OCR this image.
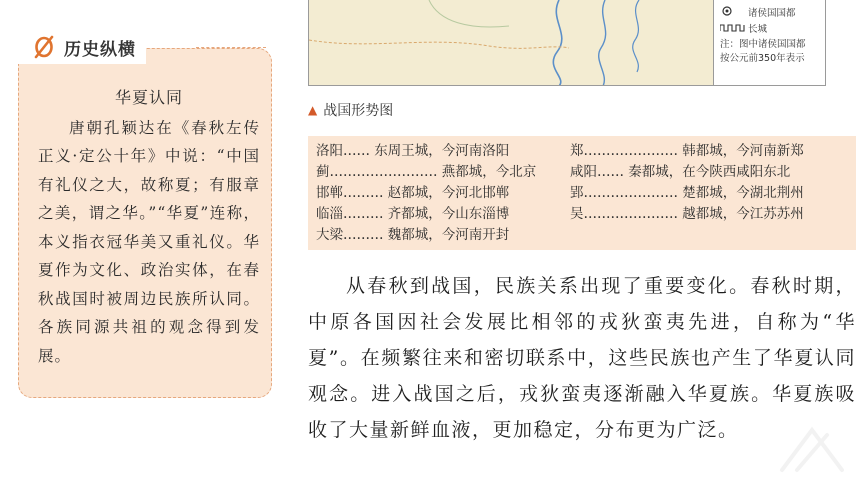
历史纵横
华夏认同
唐朝孔颖达在《春秋左传正义·定公十年》中说：“中国有礼仪之大，故称夏；有服章之美，谓之华。”“华夏”连称，本义指衣冠华美又重礼仪。华夏作为文化、政治实体，在春秋战国时被周边民族所认同。各族同源共祖的观念得到发展。
诸侯国国都
长城
注：图中诸侯国国都
按公元前350年表示
▲ 战国形势图
洛阳…… 东周王城，今河南洛阳
蓟…………………… 燕都城，今北京
邯郸……… 赵都城，今河北邯郸
临淄……… 齐都城，今山东淄博
大梁……… 魏都城，今河南开封
郑………………… 韩都城，今河南新郑
咸阳…… 秦都城，在今陕西咸阳东北
郢………………… 楚都城，今湖北荆州
吴………………… 越都城，今江苏苏州
从春秋到战国，民族关系出现了重要变化。春秋时期，中原各国因社会发展比相邻的戎狄蛮夷先进，自称为“华夏”。在频繁往来和密切联系中，这些民族也产生了华夏认同观念。进入战国之后，戎狄蛮夷逐渐融入华夏族。华夏族吸收了大量新鲜血液，更加稳定，分布更为广泛。
